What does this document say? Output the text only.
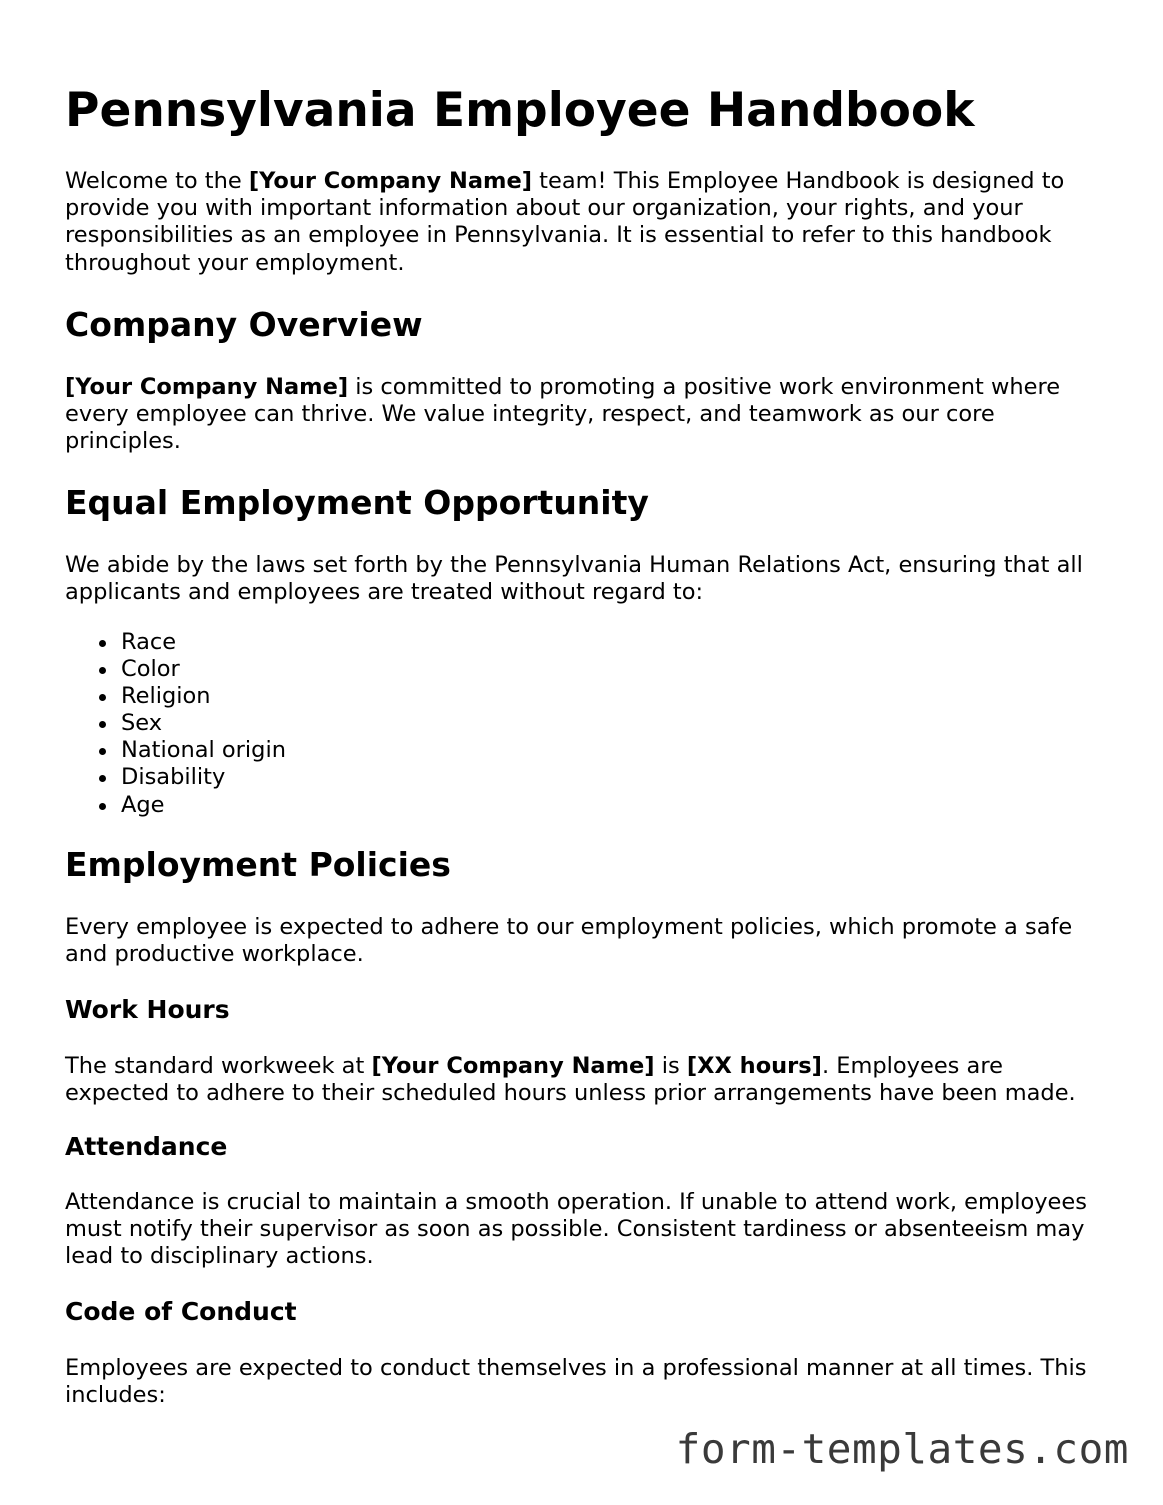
Pennsylvania Employee Handbook

Welcome to the [Your Company Name] team! This Employee Handbook is designed to provide you with important information about our organization, your rights, and your responsibilities as an employee in Pennsylvania. It is essential to refer to this handbook throughout your employment.

Company Overview

[Your Company Name] is committed to promoting a positive work environment where every employee can thrive. We value integrity, respect, and teamwork as our core principles.

Equal Employment Opportunity

We abide by the laws set forth by the Pennsylvania Human Relations Act, ensuring that all applicants and employees are treated without regard to:

Race
Color
Religion
Sex
National origin
Disability
Age
Employment Policies

Every employee is expected to adhere to our employment policies, which promote a safe and productive workplace.

Work Hours

The standard workweek at [Your Company Name] is [XX hours]. Employees are expected to adhere to their scheduled hours unless prior arrangements have been made.

Attendance

Attendance is crucial to maintain a smooth operation. If unable to attend work, employees must notify their supervisor as soon as possible. Consistent tardiness or absenteeism may lead to disciplinary actions.

Code of Conduct

Employees are expected to conduct themselves in a professional manner at all times. This includes:

form-templates.com
